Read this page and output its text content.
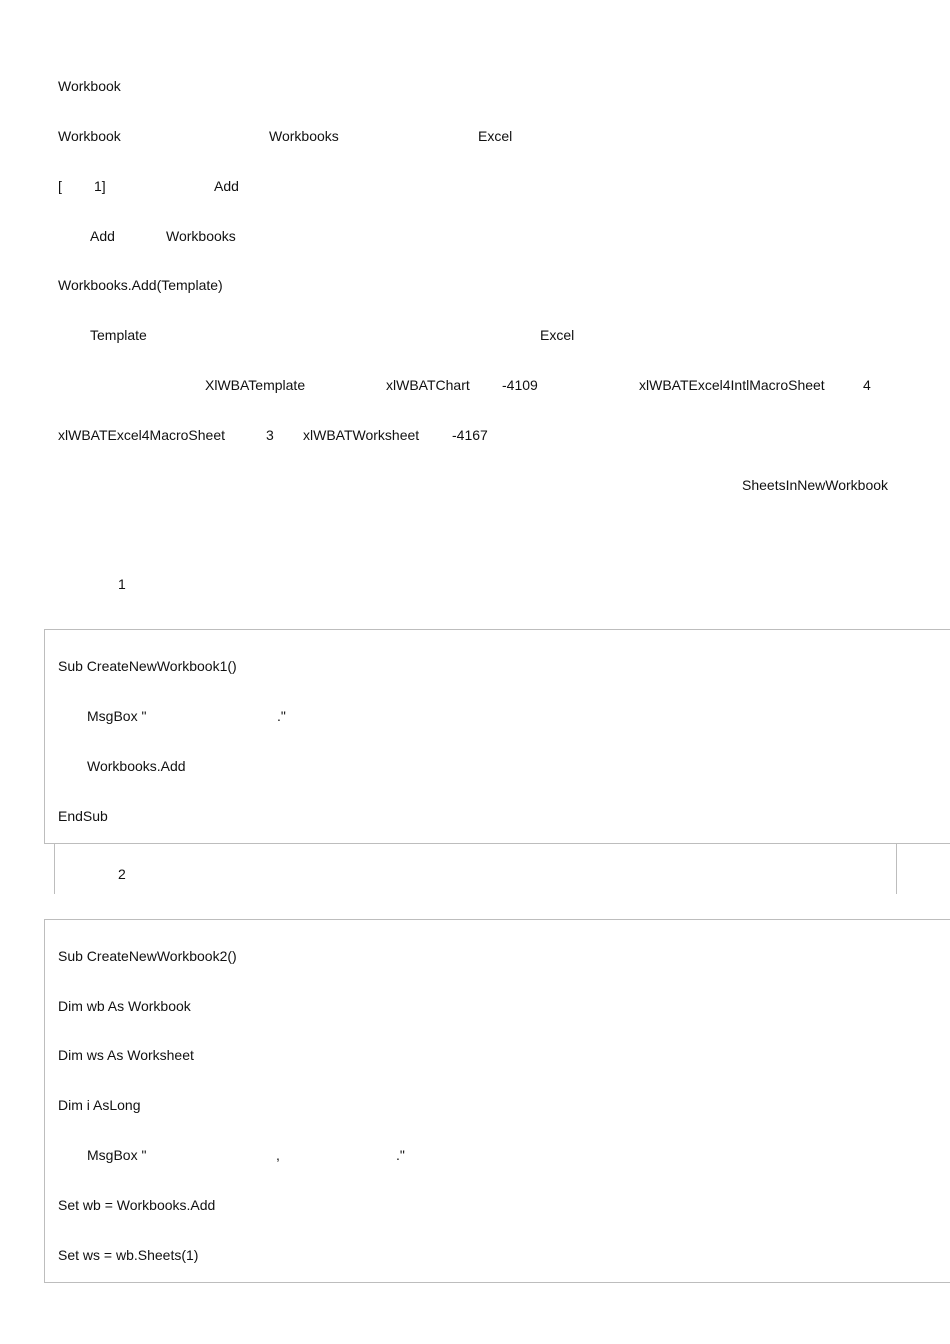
Workbook
Workbook	Workbooks	Excel
[ 1]	Add
Add	Workbooks
Workbooks.Add(Template)
Template	Excel
XlWBATemplate	xlWBATChart -4109	xlWBATExcel4IntlMacroSheet	4
xlWBATExcel4MacroSheet	3 xlWBATWorksheet -4167
SheetsInNewWorkbook
1
Sub CreateNewWorkbook1()
MsgBox "	."
Workbooks.Add
EndSub
2
Sub CreateNewWorkbook2()
Dim wb As Workbook
Dim ws As Worksheet
Dim i AsLong
MsgBox "	,	."
Set wb = Workbooks.Add
Set ws = wb.Sheets(1)
